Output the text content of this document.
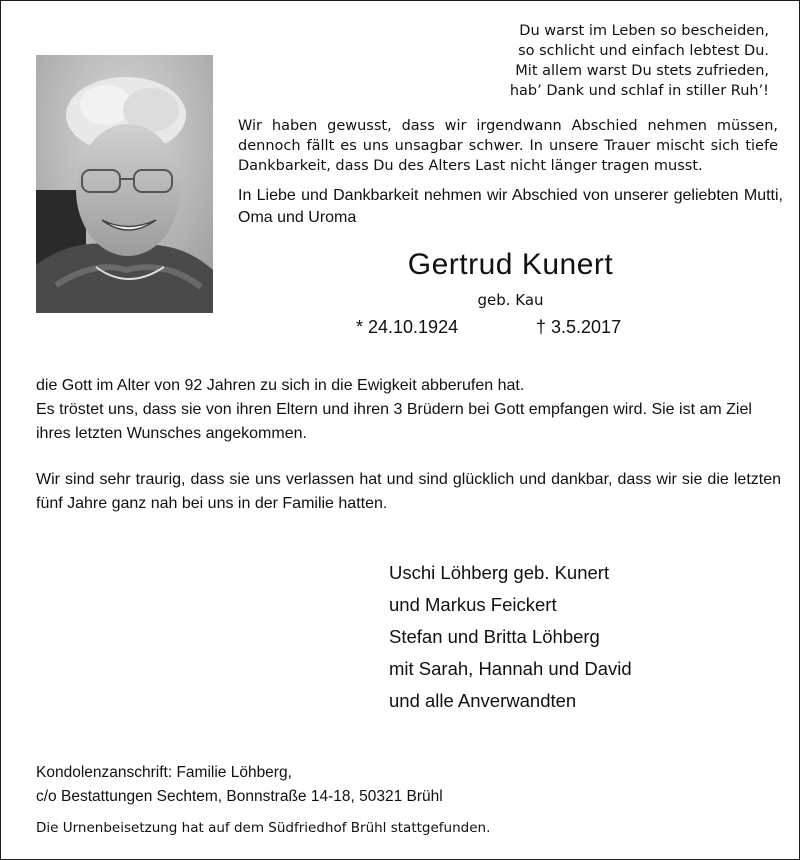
Du warst im Leben so bescheiden,
so schlicht und einfach lebtest Du.
Mit allem warst Du stets zufrieden,
hab’ Dank und schlaf in stiller Ruh’!

Wir haben gewusst, dass wir irgendwann Abschied nehmen müssen, dennoch fällt es uns unsagbar schwer. In unsere Trauer mischt sich tiefe Dankbarkeit, dass Du des Alters Last nicht länger tragen musst.

In Liebe und Dankbarkeit nehmen wir Abschied von unserer geliebten Mutti, Oma und Uroma

Gertrud Kunert
geb. Kau
* 24.10.1924	† 3.5.2017
die Gott im Alter von 92 Jahren zu sich in die Ewigkeit abberufen hat.
Es tröstet uns, dass sie von ihren Eltern und ihren 3 Brüdern bei Gott empfangen wird. Sie ist am Ziel ihres letzten Wunsches angekommen.

Wir sind sehr traurig, dass sie uns verlassen hat und sind glücklich und dankbar, dass wir sie die letzten fünf Jahre ganz nah bei uns in der Familie hatten.

Uschi Löhberg geb. Kunert
und Markus Feickert
Stefan und Britta Löhberg
mit Sarah, Hannah und David
und alle Anverwandten
Kondolenzanschrift: Familie Löhberg,
c/o Bestattungen Sechtem, Bonnstraße 14-18, 50321 Brühl

Die Urnenbeisetzung hat auf dem Südfriedhof Brühl stattgefunden.
